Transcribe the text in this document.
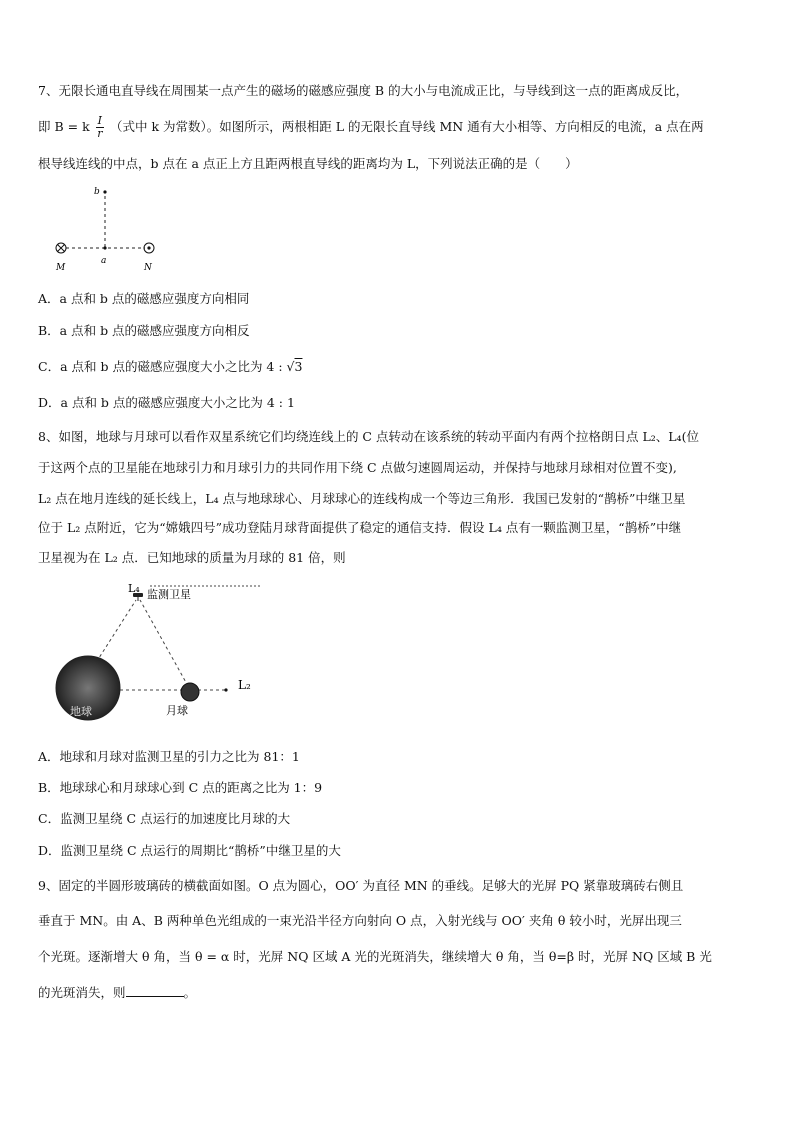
7、无限长通电直导线在周围某一点产生的磁场的磁感应强度 B 的大小与电流成正比，与导线到这一点的距离成反比，
即 B = k $\frac{I}{r}$ （式中 k 为常数）。如图所示，两根相距 L 的无限长直导线 MN 通有大小相等、方向相反的电流，a 点在两
根导线连线的中点，b 点在 a 点正上方且距两根直导线的距离均为 L，下列说法正确的是（　　）
b
a
M	N
A．a 点和 b 点的磁感应强度方向相同
B．a 点和 b 点的磁感应强度方向相反
C．a 点和 b 点的磁感应强度大小之比为 4 : √3
D．a 点和 b 点的磁感应强度大小之比为 4 : 1
8、如图，地球与月球可以看作双星系统它们均绕连线上的 C 点转动在该系统的转动平面内有两个拉格朗日点 L₂、L₄(位
于这两个点的卫星能在地球引力和月球引力的共同作用下绕 C 点做匀速圆周运动，并保持与地球月球相对位置不变),
L₂ 点在地月连线的延长线上，L₄ 点与地球球心、月球球心的连线构成一个等边三角形．我国已发射的“鹊桥”中继卫星
位于 L₂ 点附近，它为“嫦娥四号”成功登陆月球背面提供了稳定的通信支持．假设 L₄ 点有一颗监测卫星，“鹊桥”中继
卫星视为在 L₂ 点．已知地球的质量为月球的 81 倍，则
L₄ 监测卫星
地球	月球
L₂
A．地球和月球对监测卫星的引力之比为 81：1
B．地球球心和月球球心到 C 点的距离之比为 1：9
C．监测卫星绕 C 点运行的加速度比月球的大
D．监测卫星绕 C 点运行的周期比“鹊桥”中继卫星的大
9、固定的半圆形玻璃砖的横截面如图。O 点为圆心，OO′ 为直径 MN 的垂线。足够大的光屏 PQ 紧靠玻璃砖右侧且
垂直于 MN。由 A、B 两种单色光组成的一束光沿半径方向射向 O 点，入射光线与 OO′ 夹角 θ 较小时，光屏出现三
个光斑。逐渐增大 θ 角，当 θ = α 时，光屏 NQ 区域 A 光的光斑消失，继续增大 θ 角，当 θ=β 时，光屏 NQ 区域 B 光
的光斑消失，则	。
